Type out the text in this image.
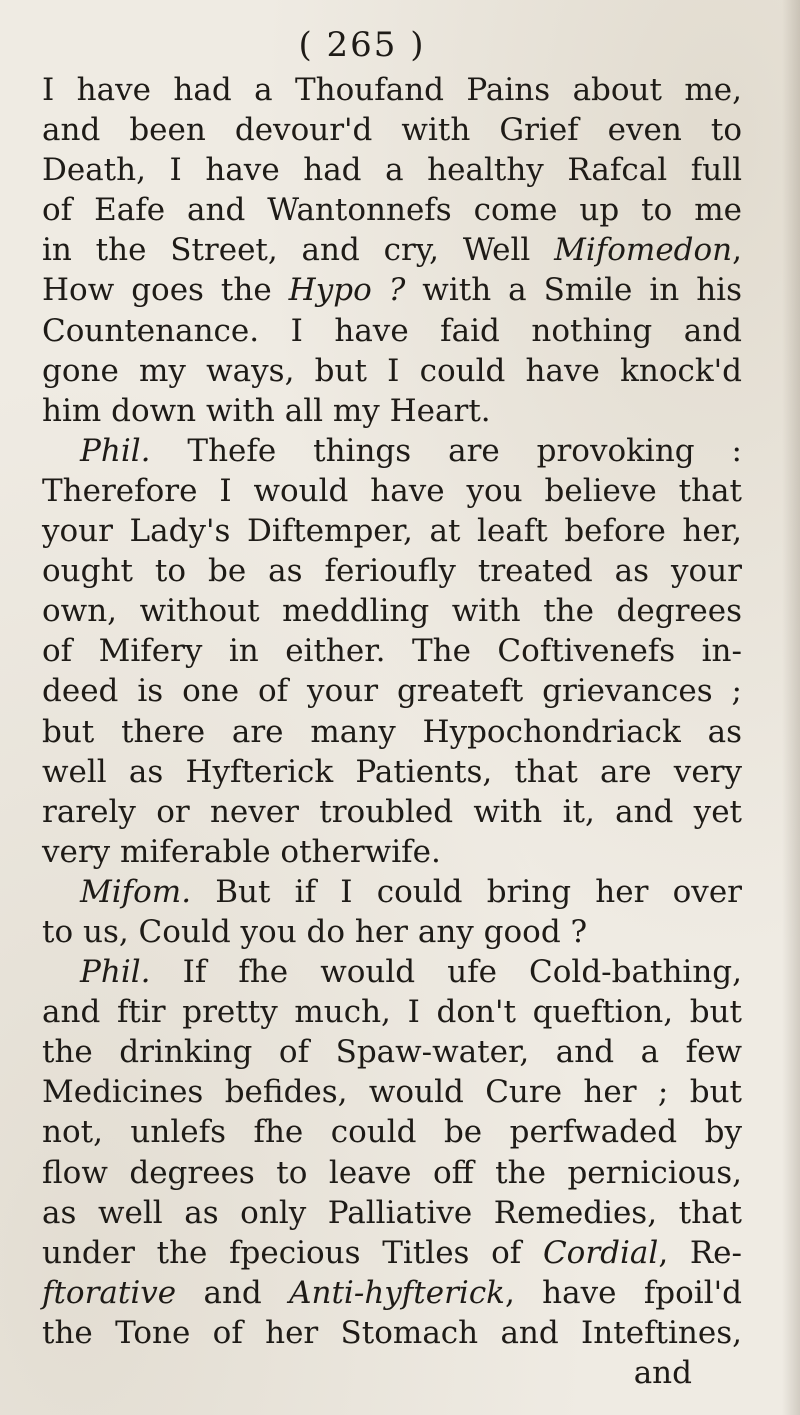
( 265 )
I have had a Thoufand Pains about me,
and been devour'd with Grief even to
Death, I have had a healthy Rafcal full
of Eafe and Wantonnefs come up to me
in the Street, and cry, Well Mifomedon,
How goes the Hypo ? with a Smile in his
Countenance. I have faid nothing and
gone my ways, but I could have knock'd
him down with all my Heart.
Phil. Thefe things are provoking :
Therefore I would have you believe that
your Lady's Diftemper, at leaft before her,
ought to be as ferioufly treated as your
own, without meddling with the degrees
of Mifery in either. The Coftivenefs in-
deed is one of your greateft grievances ;
but there are many Hypochondriack as
well as Hyfterick Patients, that are very
rarely or never troubled with it, and yet
very miferable otherwife.
Mifom. But if I could bring her over
to us, Could you do her any good ?
Phil. If fhe would ufe Cold-bathing,
and ftir pretty much, I don't queftion, but
the drinking of Spaw-water, and a few
Medicines befides, would Cure her ; but
not, unlefs fhe could be perfwaded by
flow degrees to leave off the pernicious,
as well as only Palliative Remedies, that
under the fpecious Titles of Cordial, Re-
ftorative and Anti-hyfterick, have fpoil'd
the Tone of her Stomach and Inteftines,
and
